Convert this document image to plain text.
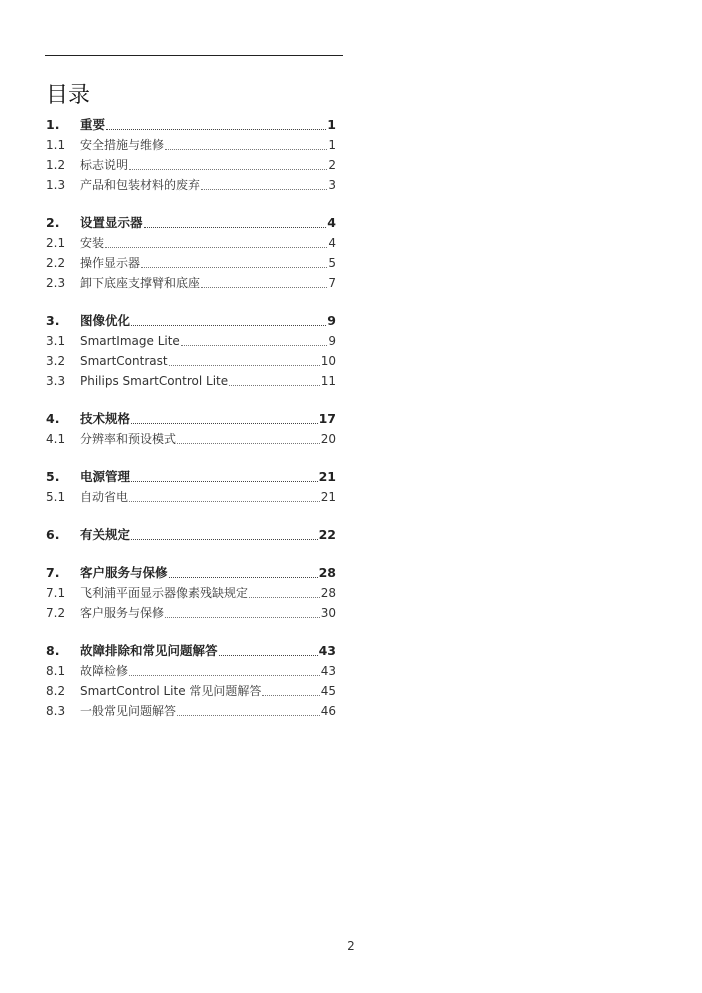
目录
1.	重要	1
1.1	安全措施与维修	1
1.2	标志说明	2
1.3	产品和包装材料的废弃	3
2.	设置显示器	4
2.1	安装	4
2.2	操作显示器	5
2.3	卸下底座支撑臂和底座	7
3.	图像优化	9
3.1	SmartImage Lite	9
3.2	SmartContrast	10
3.3	Philips SmartControl Lite	11
4.	技术规格	17
4.1	分辨率和预设模式	20
5.	电源管理	21
5.1	自动省电	21
6.	有关规定	22
7.	客户服务与保修	28
7.1	飞利浦平面显示器像素残缺规定	28
7.2	客户服务与保修	30
8.	故障排除和常见问题解答	43
8.1	故障检修	43
8.2	SmartControl Lite 常见问题解答	45
8.3	一般常见问题解答	46
2
